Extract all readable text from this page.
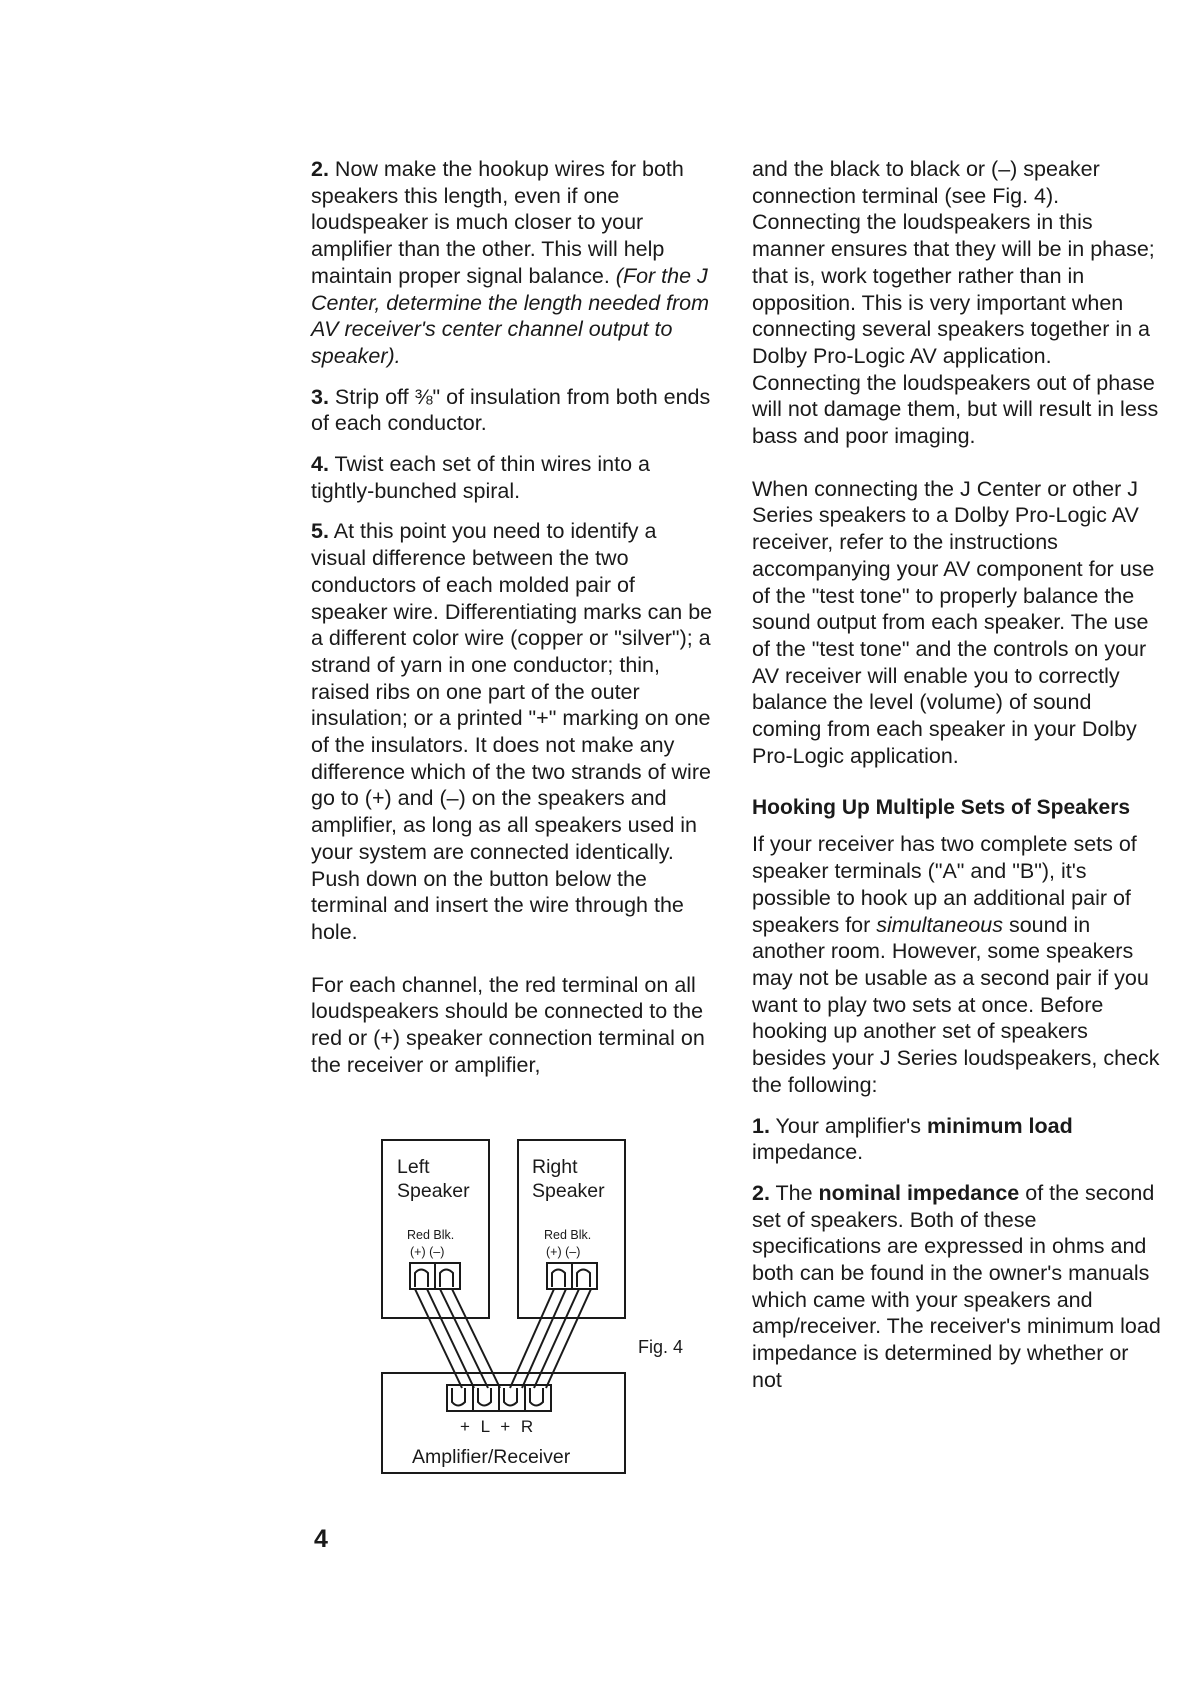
2. Now make the hookup wires for both speakers this length, even if one loudspeaker is much closer to your amplifier than the other. This will help maintain proper signal balance. (For the J Center, determine the length needed from AV receiver's center channel output to speaker).

3. Strip off ⅜" of insulation from both ends of each conductor.

4. Twist each set of thin wires into a tightly-bunched spiral.

5. At this point you need to identify a visual difference between the two conductors of each molded pair of speaker wire. Differentiating marks can be a different color wire (copper or "silver"); a strand of yarn in one conductor; thin, raised ribs on one part of the outer insulation; or a printed "+" marking on one of the insulators. It does not make any difference which of the two strands of wire go to (+) and (–) on the speakers and amplifier, as long as all speakers used in your system are connected identically. Push down on the button below the terminal and insert the wire through the hole.

For each channel, the red terminal on all loudspeakers should be connected to the red or (+) speaker connection terminal on the receiver or amplifier,

Left
Speaker
Red Blk.
(+) (–)
Right
Speaker
Red Blk.
(+) (–)
+ L + R
Amplifier/Receiver
Fig. 4

and the black to black or (–) speaker connection terminal (see Fig. 4). Connecting the loudspeakers in this manner ensures that they will be in phase; that is, work together rather than in opposition. This is very important when connecting several speakers together in a Dolby Pro-Logic AV application. Connecting the loudspeakers out of phase will not damage them, but will result in less bass and poor imaging.

When connecting the J Center or other J Series speakers to a Dolby Pro-Logic AV receiver, refer to the instructions accompanying your AV component for use of the "test tone" to properly balance the sound output from each speaker. The use of the "test tone" and the controls on your AV receiver will enable you to correctly balance the level (volume) of sound coming from each speaker in your Dolby Pro-Logic application.

Hooking Up Multiple Sets of Speakers

If your receiver has two complete sets of speaker terminals ("A" and "B"), it's possible to hook up an additional pair of speakers for simultaneous sound in another room. However, some speakers may not be usable as a second pair if you want to play two sets at once. Before hooking up another set of speakers besides your J Series loudspeakers, check the following:

1. Your amplifier's minimum load impedance.

2. The nominal impedance of the second set of speakers. Both of these specifications are expressed in ohms and both can be found in the owner's manuals which came with your speakers and amp/receiver. The receiver's minimum load impedance is determined by whether or not

4
